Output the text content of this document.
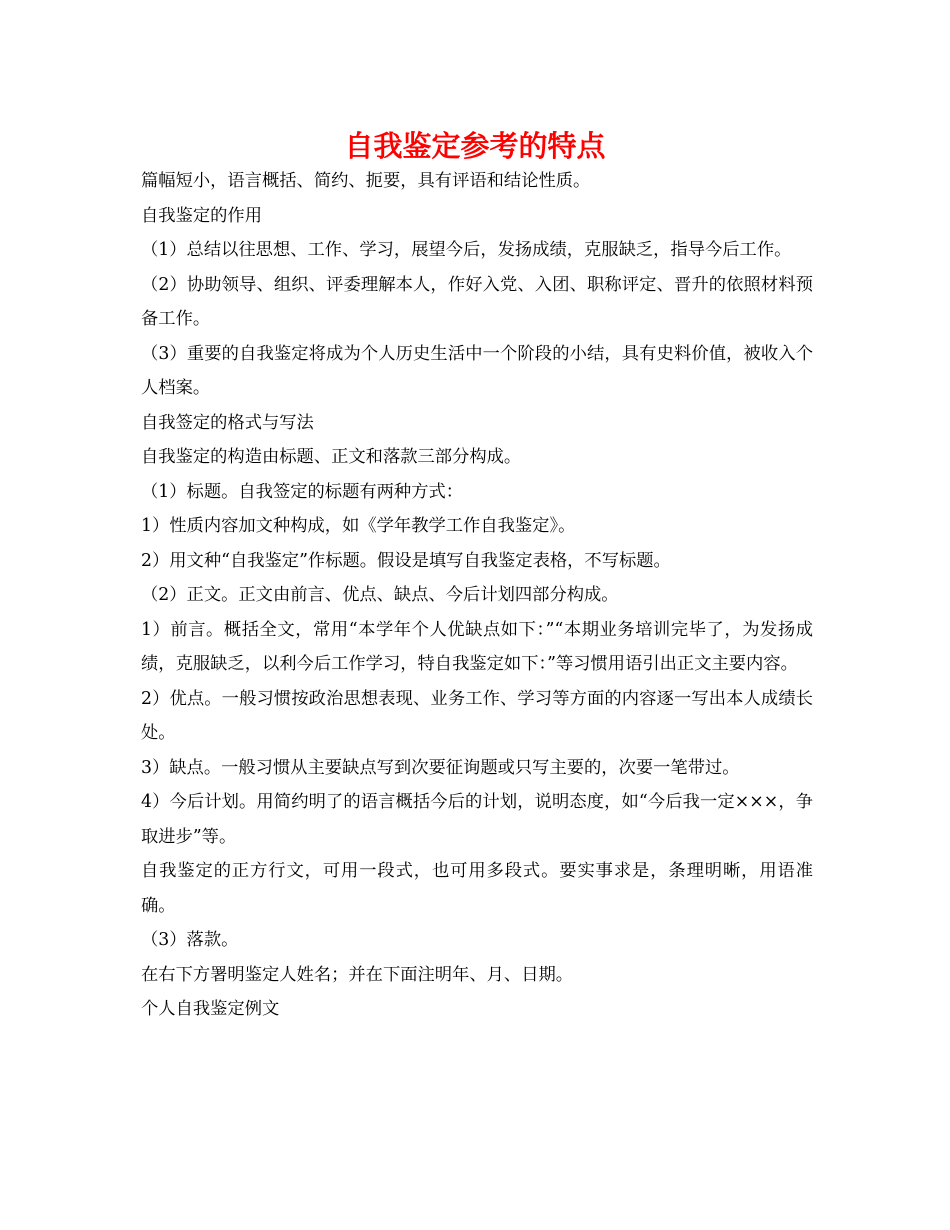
自我鉴定参考的特点

篇幅短小，语言概括、简约、扼要，具有评语和结论性质。

自我鉴定的作用

（1）总结以往思想、工作、学习，展望今后，发扬成绩，克服缺乏，指导今后工作。

（2）协助领导、组织、评委理解本人，作好入党、入团、职称评定、晋升的依照材料预备工作。

（3）重要的自我鉴定将成为个人历史生活中一个阶段的小结，具有史料价值，被收入个人档案。

自我签定的格式与写法

自我鉴定的构造由标题、正文和落款三部分构成。

（1）标题。自我签定的标题有两种方式：

1）性质内容加文种构成，如《学年教学工作自我鉴定》。

2）用文种“自我鉴定”作标题。假设是填写自我鉴定表格，不写标题。

（2）正文。正文由前言、优点、缺点、今后计划四部分构成。

1）前言。概括全文，常用“本学年个人优缺点如下：”“本期业务培训完毕了，为发扬成绩，克服缺乏，以利今后工作学习，特自我鉴定如下：”等习惯用语引出正文主要内容。

2）优点。一般习惯按政治思想表现、业务工作、学习等方面的内容逐一写出本人成绩长处。

3）缺点。一般习惯从主要缺点写到次要征询题或只写主要的，次要一笔带过。

4）今后计划。用简约明了的语言概括今后的计划，说明态度，如“今后我一定×××，争取进步”等。

自我鉴定的正方行文，可用一段式，也可用多段式。要实事求是，条理明晰，用语准确。

（3）落款。

在右下方署明鉴定人姓名；并在下面注明年、月、日期。

个人自我鉴定例文
